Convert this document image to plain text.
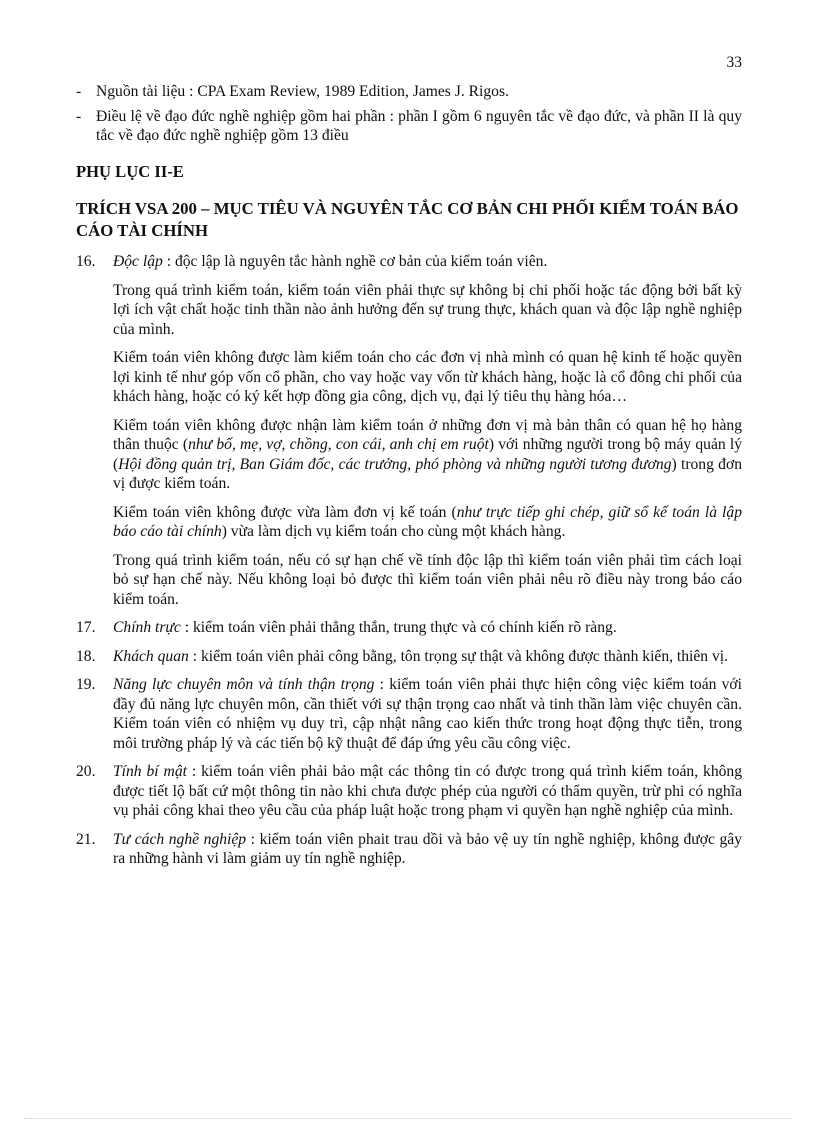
33
- Nguồn tài liệu : CPA Exam Review, 1989 Edition, James J. Rigos.
- Điều lệ về đạo đức nghề nghiệp gồm hai phần : phần I gồm 6 nguyên tắc về đạo đức, và phần II là quy tắc về đạo đức nghề nghiệp gồm 13 điều
PHỤ LỤC II-E
TRÍCH VSA 200 – MỤC TIÊU VÀ NGUYÊN TẮC CƠ BẢN CHI PHỐI KIỂM TOÁN BÁO CÁO TÀI CHÍNH
16.	Độc lập : độc lập là nguyên tắc hành nghề cơ bản của kiểm toán viên.

Trong quá trình kiểm toán, kiểm toán viên phải thực sự không bị chi phối hoặc tác động bởi bất kỳ lợi ích vật chất hoặc tinh thần nào ảnh hưởng đến sự trung thực, khách quan và độc lập nghề nghiệp của mình.

Kiểm toán viên không được làm kiểm toán cho các đơn vị nhà mình có quan hệ kinh tế hoặc quyền lợi kinh tế như góp vốn cổ phần, cho vay hoặc vay vốn từ khách hàng, hoặc là cổ đông chi phối của khách hàng, hoặc có ký kết hợp đồng gia công, dịch vụ, đại lý tiêu thụ hàng hóa…

Kiểm toán viên không được nhận làm kiểm toán ở những đơn vị mà bản thân có quan hệ họ hàng thân thuộc (như bố, mẹ, vợ, chồng, con cái, anh chị em ruột) với những người trong bộ máy quản lý (Hội đồng quản trị, Ban Giám đốc, các trưởng, phó phòng và những người tương đương) trong đơn vị được kiểm toán.

Kiểm toán viên không được vừa làm đơn vị kế toán (như trực tiếp ghi chép, giữ sổ kế toán là lập báo cáo tài chính) vừa làm dịch vụ kiểm toán cho cùng một khách hàng.

Trong quá trình kiểm toán, nếu có sự hạn chế về tính độc lập thì kiểm toán viên phải tìm cách loại bỏ sự hạn chế này. Nếu không loại bỏ được thì kiểm toán viên phải nêu rõ điều này trong báo cáo kiểm toán.

17.	Chính trực : kiểm toán viên phải thẳng thắn, trung thực và có chính kiến rõ ràng.
18.	Khách quan : kiểm toán viên phải công bằng, tôn trọng sự thật và không được thành kiến, thiên vị.
19.	Năng lực chuyên môn và tính thận trọng : kiểm toán viên phải thực hiện công việc kiểm toán với đầy đủ năng lực chuyên môn, cần thiết với sự thận trọng cao nhất và tinh thần làm việc chuyên cần. Kiểm toán viên có nhiệm vụ duy trì, cập nhật nâng cao kiến thức trong hoạt động thực tiễn, trong môi trường pháp lý và các tiến bộ kỹ thuật để đáp ứng yêu cầu công việc.
20.	Tính bí mật : kiểm toán viên phải bảo mật các thông tin có được trong quá trình kiểm toán, không được tiết lộ bất cứ một thông tin nào khi chưa được phép của người có thẩm quyền, trừ phi có nghĩa vụ phải công khai theo yêu cầu của pháp luật hoặc trong phạm vi quyền hạn nghề nghiệp của mình.
21.	Tư cách nghề nghiệp : kiểm toán viên phait trau dồi và bảo vệ uy tín nghề nghiệp, không được gây ra những hành vi làm giảm uy tín nghề nghiệp.
